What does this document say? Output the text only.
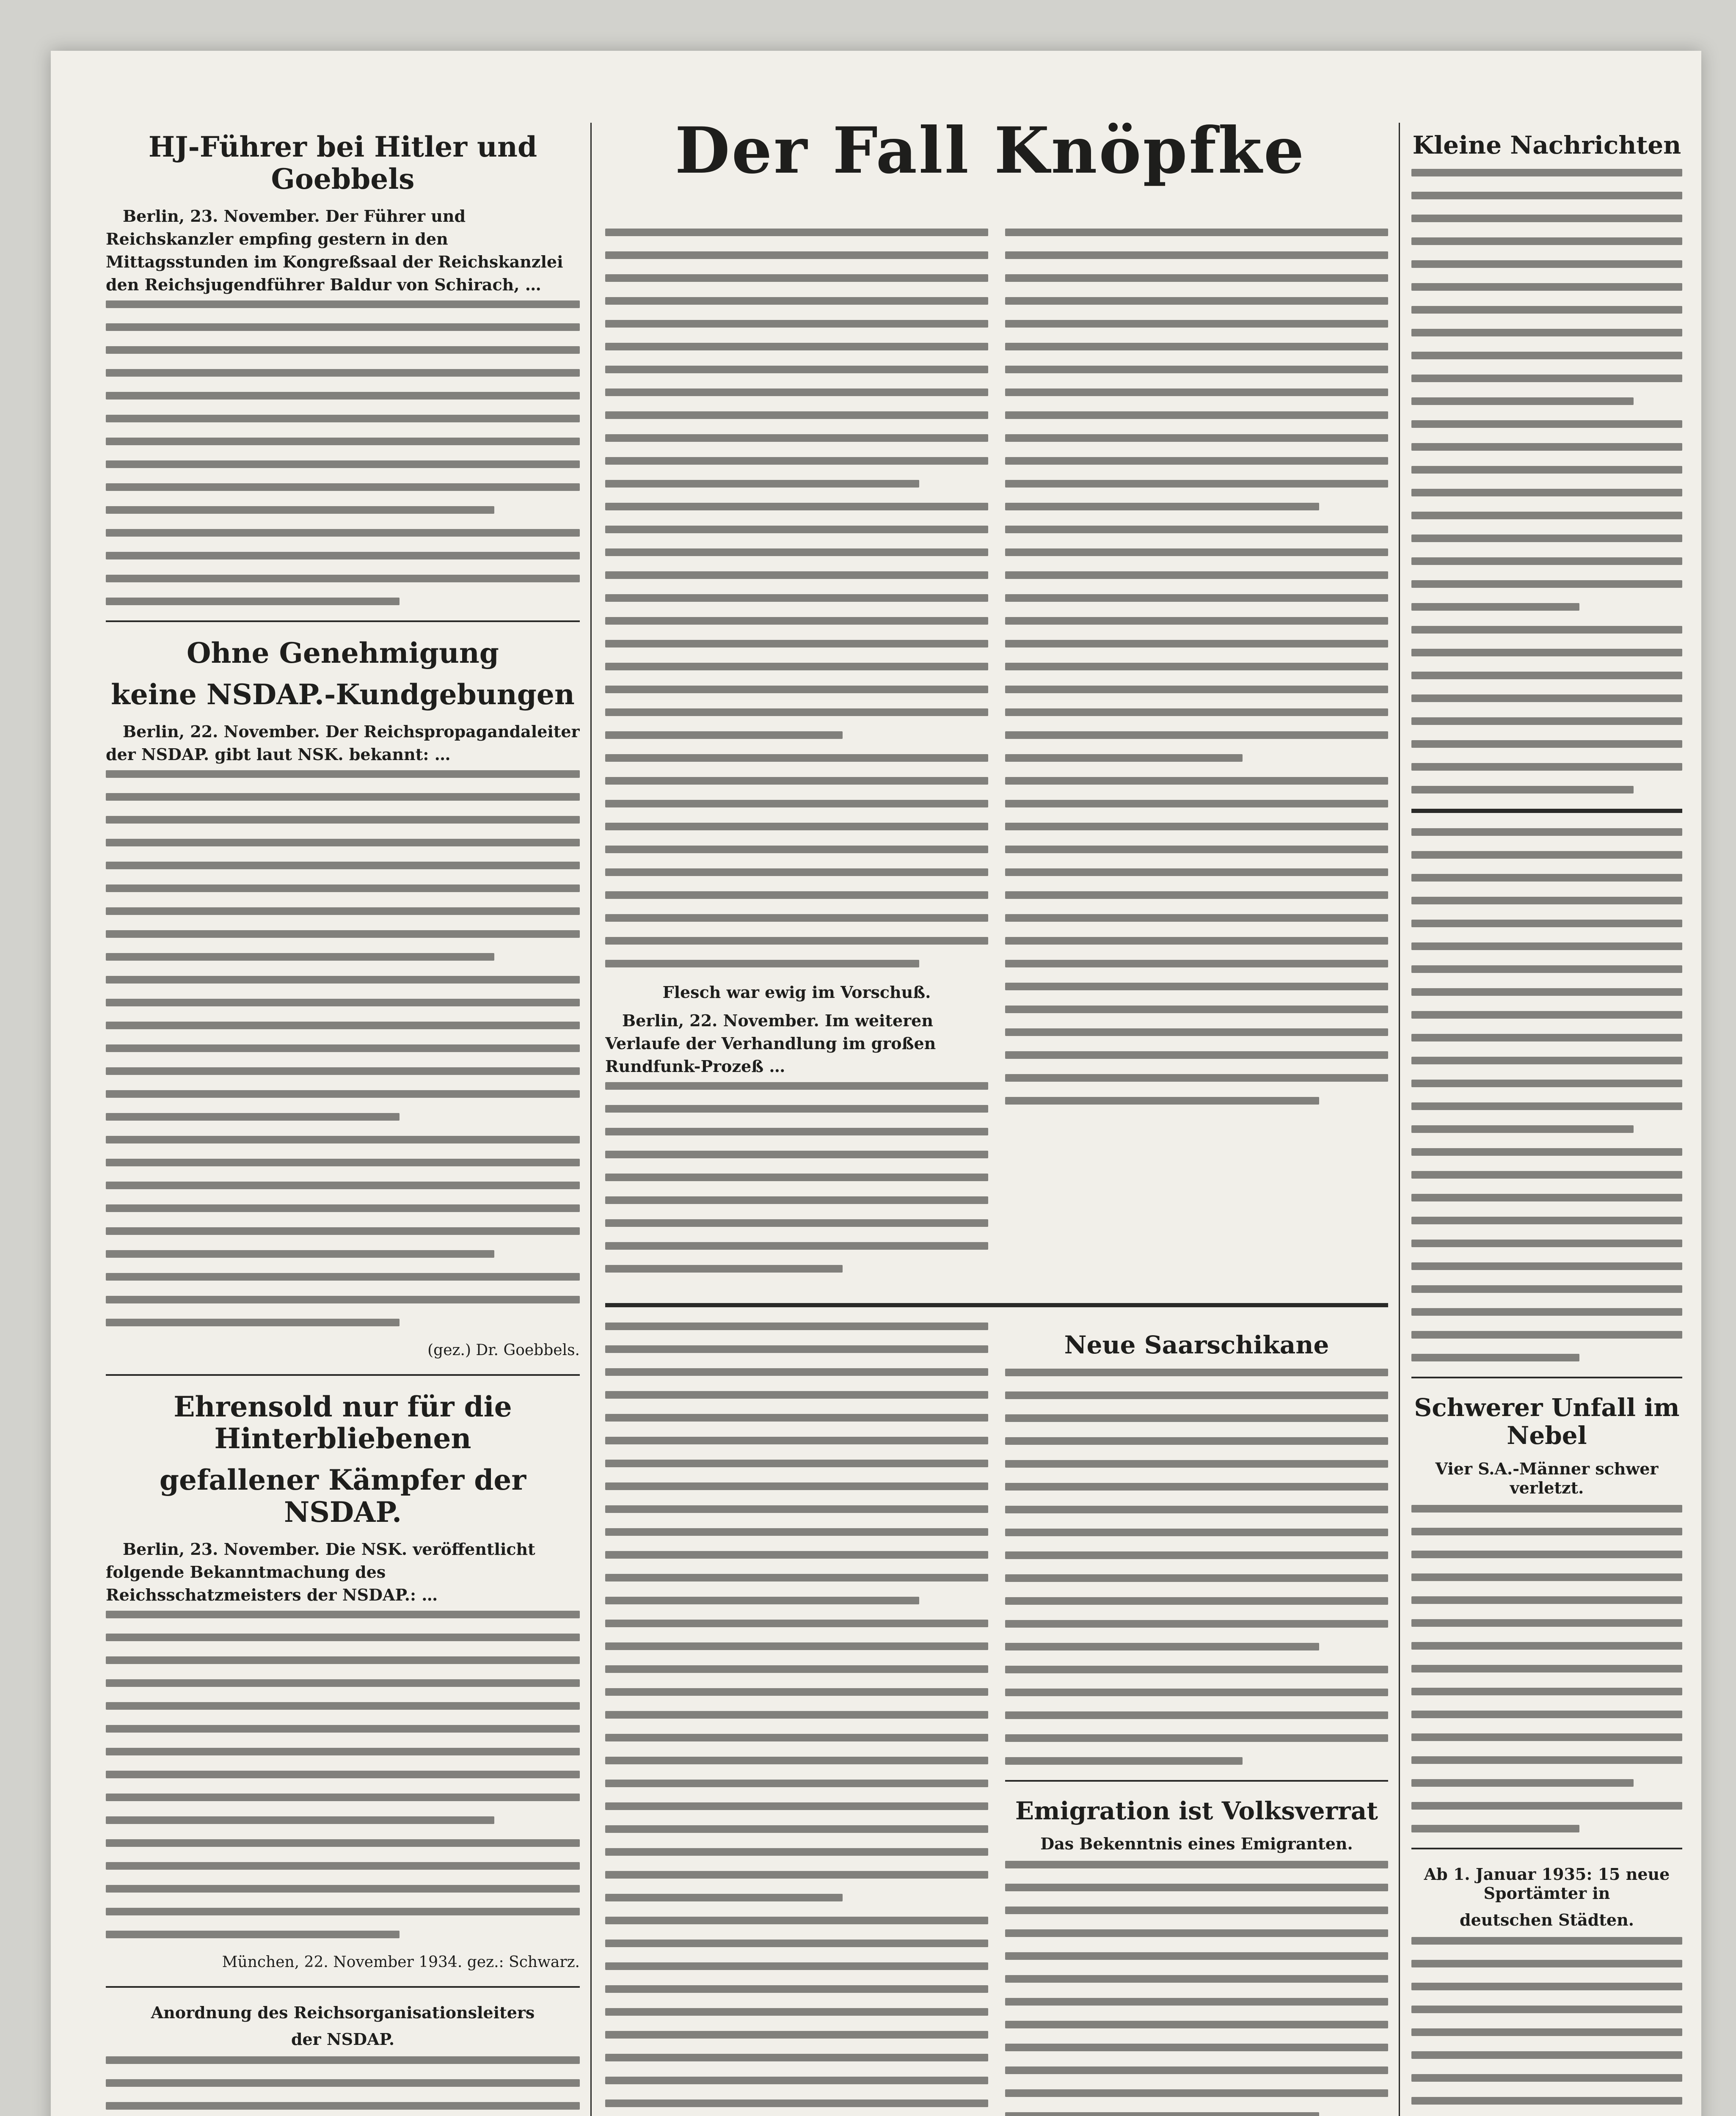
HJ-Führer bei Hitler und Goebbels
Berlin, 23. November. Der Führer und Reichskanzler empfing gestern in den Mittagsstunden im Kongreßsaal der Reichskanzlei den Reichsjugendführer Baldur von Schirach, …
Ohne Genehmigung
keine NSDAP.-Kundgebungen
Berlin, 22. November. Der Reichspropagandaleiter der NSDAP. gibt laut NSK. bekannt: …
(gez.) Dr. Goebbels.
Ehrensold nur für die Hinterbliebenen
gefallener Kämpfer der NSDAP.
Berlin, 23. November. Die NSK. veröffentlicht folgende Bekanntmachung des Reichsschatzmeisters der NSDAP.: …
München, 22. November 1934. gez.: Schwarz.
Anordnung des Reichsorganisationsleiters
der NSDAP.
Der Fall Knöpfke
Flesch war ewig im Vorschuß.
Berlin, 22. November. Im weiteren Verlaufe der Verhandlung im großen Rundfunk-Prozeß …
Neue Saarschikane
Emigration ist Volksverrat
Das Bekenntnis eines Emigranten.
Kleine Nachrichten
Schwerer Unfall im Nebel
Vier S.A.-Männer schwer verletzt.
Ab 1. Januar 1935: 15 neue Sportämter in
deutschen Städten.
